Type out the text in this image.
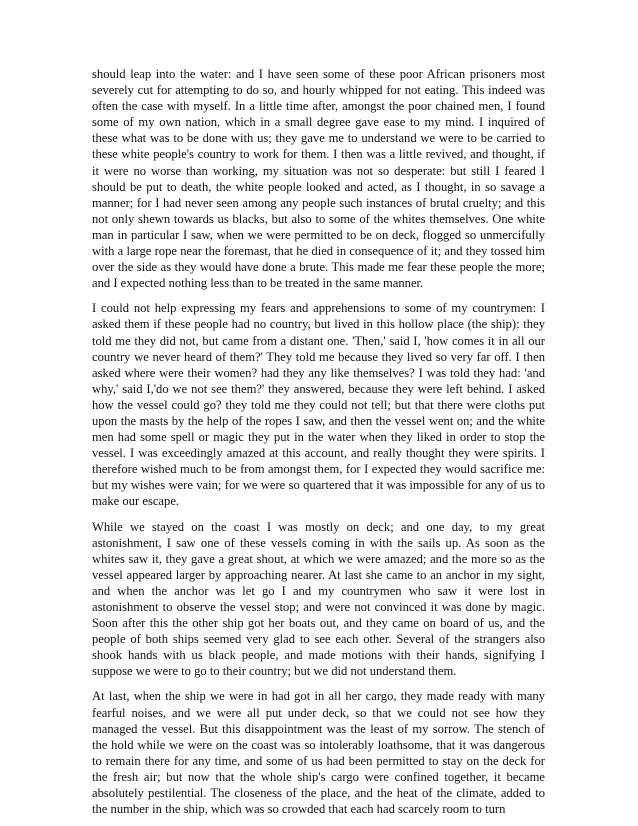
should leap into the water: and I have seen some of these poor African prisoners most severely cut for attempting to do so, and hourly whipped for not eating. This indeed was often the case with myself. In a little time after, amongst the poor chained men, I found some of my own nation, which in a small degree gave ease to my mind. I inquired of these what was to be done with us; they gave me to understand we were to be carried to these white people's country to work for them. I then was a little revived, and thought, if it were no worse than working, my situation was not so desperate: but still I feared I should be put to death, the white people looked and acted, as I thought, in so savage a manner; for I had never seen among any people such instances of brutal cruelty; and this not only shewn towards us blacks, but also to some of the whites themselves. One white man in particular I saw, when we were permitted to be on deck, flogged so unmercifully with a large rope near the foremast, that he died in consequence of it; and they tossed him over the side as they would have done a brute. This made me fear these people the more; and I expected nothing less than to be treated in the same manner.

I could not help expressing my fears and apprehensions to some of my countrymen: I asked them if these people had no country, but lived in this hollow place (the ship): they told me they did not, but came from a distant one. 'Then,' said I, 'how comes it in all our country we never heard of them?' They told me because they lived so very far off. I then asked where were their women? had they any like themselves? I was told they had: 'and why,' said I,'do we not see them?' they answered, because they were left behind. I asked how the vessel could go? they told me they could not tell; but that there were cloths put upon the masts by the help of the ropes I saw, and then the vessel went on; and the white men had some spell or magic they put in the water when they liked in order to stop the vessel. I was exceedingly amazed at this account, and really thought they were spirits. I therefore wished much to be from amongst them, for I expected they would sacrifice me: but my wishes were vain; for we were so quartered that it was impossible for any of us to make our escape.

While we stayed on the coast I was mostly on deck; and one day, to my great astonishment, I saw one of these vessels coming in with the sails up. As soon as the whites saw it, they gave a great shout, at which we were amazed; and the more so as the vessel appeared larger by approaching nearer. At last she came to an anchor in my sight, and when the anchor was let go I and my countrymen who saw it were lost in astonishment to observe the vessel stop; and were not convinced it was done by magic. Soon after this the other ship got her boats out, and they came on board of us, and the people of both ships seemed very glad to see each other. Several of the strangers also shook hands with us black people, and made motions with their hands, signifying I suppose we were to go to their country; but we did not understand them.

At last, when the ship we were in had got in all her cargo, they made ready with many fearful noises, and we were all put under deck, so that we could not see how they managed the vessel. But this disappointment was the least of my sorrow. The stench of the hold while we were on the coast was so intolerably loathsome, that it was dangerous to remain there for any time, and some of us had been permitted to stay on the deck for the fresh air; but now that the whole ship's cargo were confined together, it became absolutely pestilential. The closeness of the place, and the heat of the climate, added to the number in the ship, which was so crowded that each had scarcely room to turn
